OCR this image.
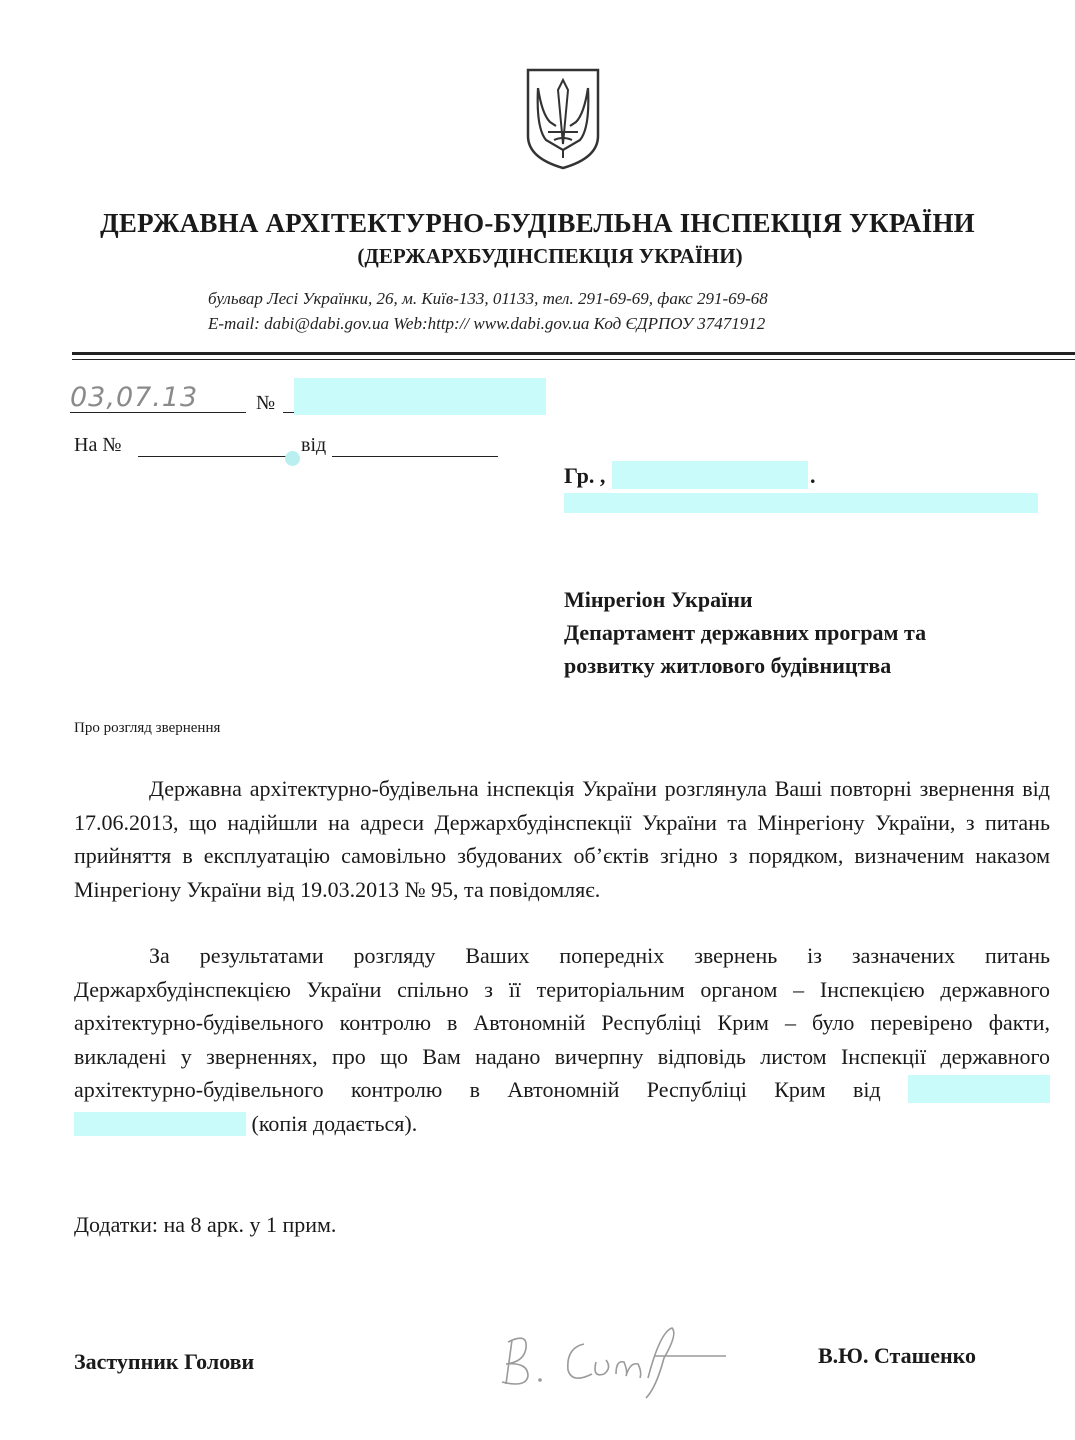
ДЕРЖАВНА АРХІТЕКТУРНО-БУДІВЕЛЬНА ІНСПЕКЦІЯ УКРАЇНИ
(ДЕРЖАРХБУДІНСПЕКЦІЯ УКРАЇНИ)
бульвар Лесі Українки, 26, м. Київ-133, 01133, тел. 291-69-69, факс 291-69-68
E-mail: dabi@dabi.gov.ua Web:http:// www.dabi.gov.ua Код ЄДРПОУ 37471912
03,07.13	№
На №	від
Гр. ,	.
Мінрегіон України
Департамент державних програм та
розвитку житлового будівництва
Про розгляд звернення

Державна архітектурно-будівельна інспекція України розглянула Ваші повторні звернення від 17.06.2013, що надійшли на адреси Держархбудінспекції України та Мінрегіону України, з питань прийняття в експлуатацію самовільно збудованих об’єктів згідно з порядком, визначеним наказом Мінрегіону України від 19.03.2013 № 95, та повідомляє.

За результатами розгляду Ваших попередніх звернень із зазначених питань Держархбудінспекцією України спільно з її територіальним органом – Інспекцією державного архітектурно-будівельного контролю в Автономній Республіці Крим – було перевірено факти, викладені у зверненнях, про що Вам надано вичерпну відповідь листом Інспекції державного архітектурно-будівельного контролю в Автономній Республіці Крим від   (копія додається).

Додатки: на 8 арк. у 1 прим.
Заступник Голови	В.Ю. Сташенко
